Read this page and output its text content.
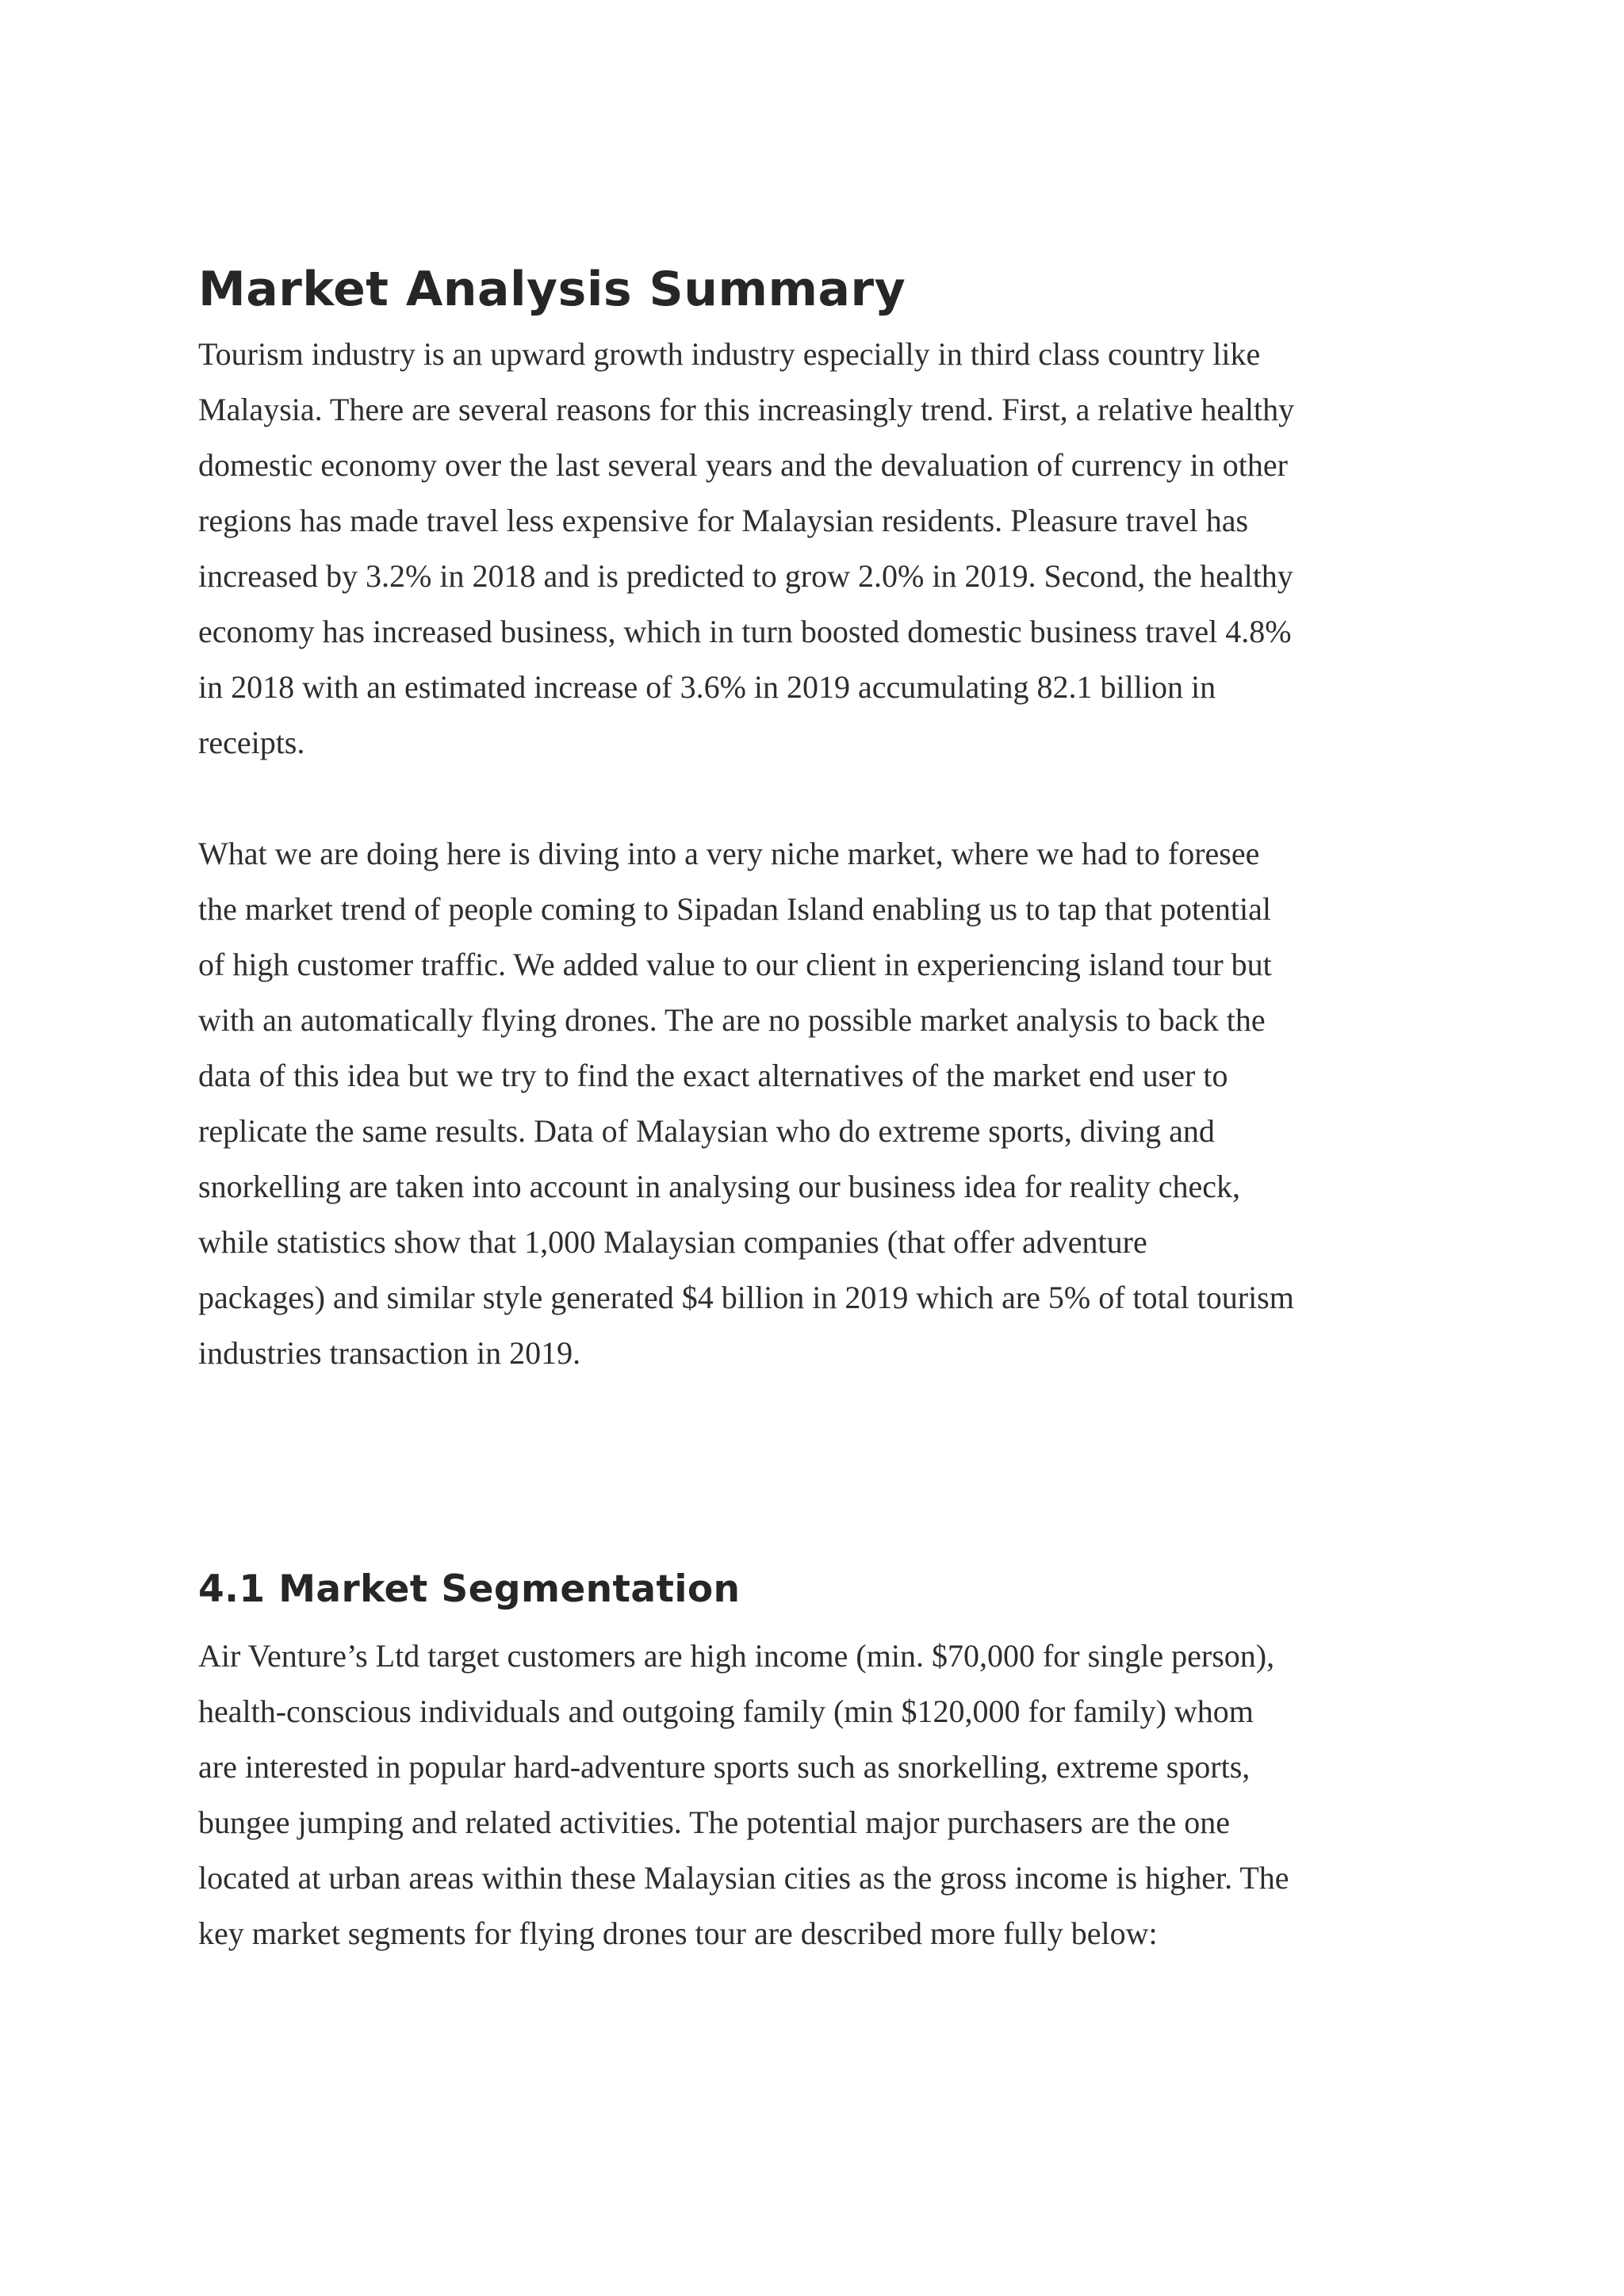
Market Analysis Summary

Tourism industry is an upward growth industry especially in third class country like
Malaysia. There are several reasons for this increasingly trend. First, a relative healthy
domestic economy over the last several years and the devaluation of currency in other
regions has made travel less expensive for Malaysian residents. Pleasure travel has
increased by 3.2% in 2018 and is predicted to grow 2.0% in 2019. Second, the healthy
economy has increased business, which in turn boosted domestic business travel 4.8%
in 2018 with an estimated increase of 3.6% in 2019 accumulating 82.1 billion in
receipts.

What we are doing here is diving into a very niche market, where we had to foresee
the market trend of people coming to Sipadan Island enabling us to tap that potential
of high customer traffic. We added value to our client in experiencing island tour but
with an automatically flying drones. The are no possible market analysis to back the
data of this idea but we try to find the exact alternatives of the market end user to
replicate the same results. Data of Malaysian who do extreme sports, diving and
snorkelling are taken into account in analysing our business idea for reality check,
while statistics show that 1,000 Malaysian companies (that offer adventure
packages) and similar style generated $4 billion in 2019 which are 5% of total tourism
industries transaction in 2019.

4.1 Market Segmentation

Air Venture’s Ltd target customers are high income (min. $70,000 for single person),
health-conscious individuals and outgoing family (min $120,000 for family) whom
are interested in popular hard-adventure sports such as snorkelling, extreme sports,
bungee jumping and related activities. The potential major purchasers are the one
located at urban areas within these Malaysian cities as the gross income is higher. The
key market segments for flying drones tour are described more fully below:
